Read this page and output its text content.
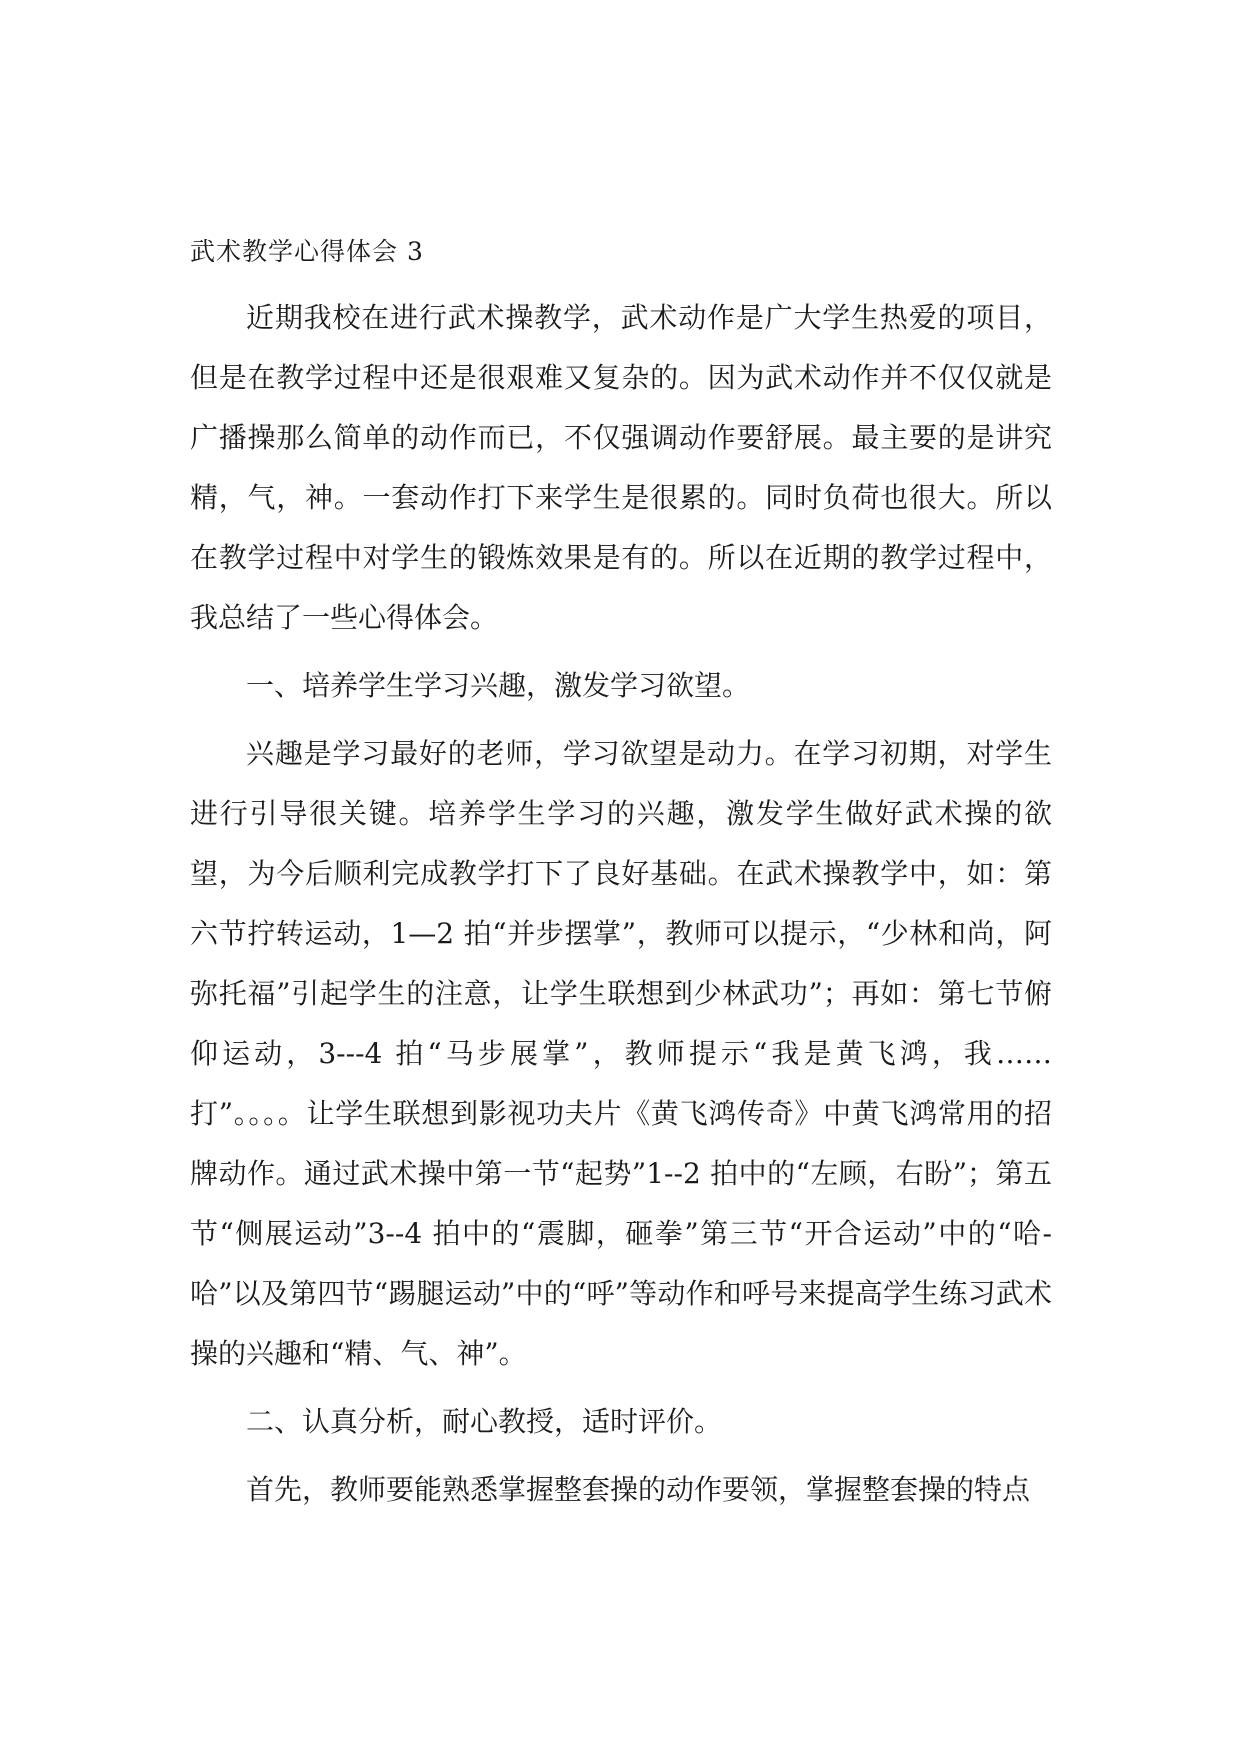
武术教学心得体会 3

近期我校在进行武术操教学，武术动作是广大学生热爱的项目，但是在教学过程中还是很艰难又复杂的。因为武术动作并不仅仅就是广播操那么简单的动作而已，不仅强调动作要舒展。最主要的是讲究精，气，神。一套动作打下来学生是很累的。同时负荷也很大。所以在教学过程中对学生的锻炼效果是有的。所以在近期的教学过程中，我总结了一些心得体会。

一、培养学生学习兴趣，激发学习欲望。

兴趣是学习最好的老师，学习欲望是动力。在学习初期，对学生进行引导很关键。培养学生学习的兴趣，激发学生做好武术操的欲望，为今后顺利完成教学打下了良好基础。在武术操教学中，如：第六节拧转运动，1—2 拍“并步摆掌”，教师可以提示，“少林和尚，阿弥托福”引起学生的注意，让学生联想到少林武功”；再如：第七节俯仰运动，3---4 拍“马步展掌”，教师提示“我是黄飞鸿，我……打”。。。。让学生联想到影视功夫片《黄飞鸿传奇》中黄飞鸿常用的招牌动作。通过武术操中第一节“起势”1--2 拍中的“左顾，右盼”；第五节“侧展运动”3--4 拍中的“震脚，砸拳”第三节“开合运动”中的“哈-哈”以及第四节“踢腿运动”中的“呼”等动作和呼号来提高学生练习武术操的兴趣和“精、气、神”。

二、认真分析，耐心教授，适时评价。

首先，教师要能熟悉掌握整套操的动作要领，掌握整套操的特点
